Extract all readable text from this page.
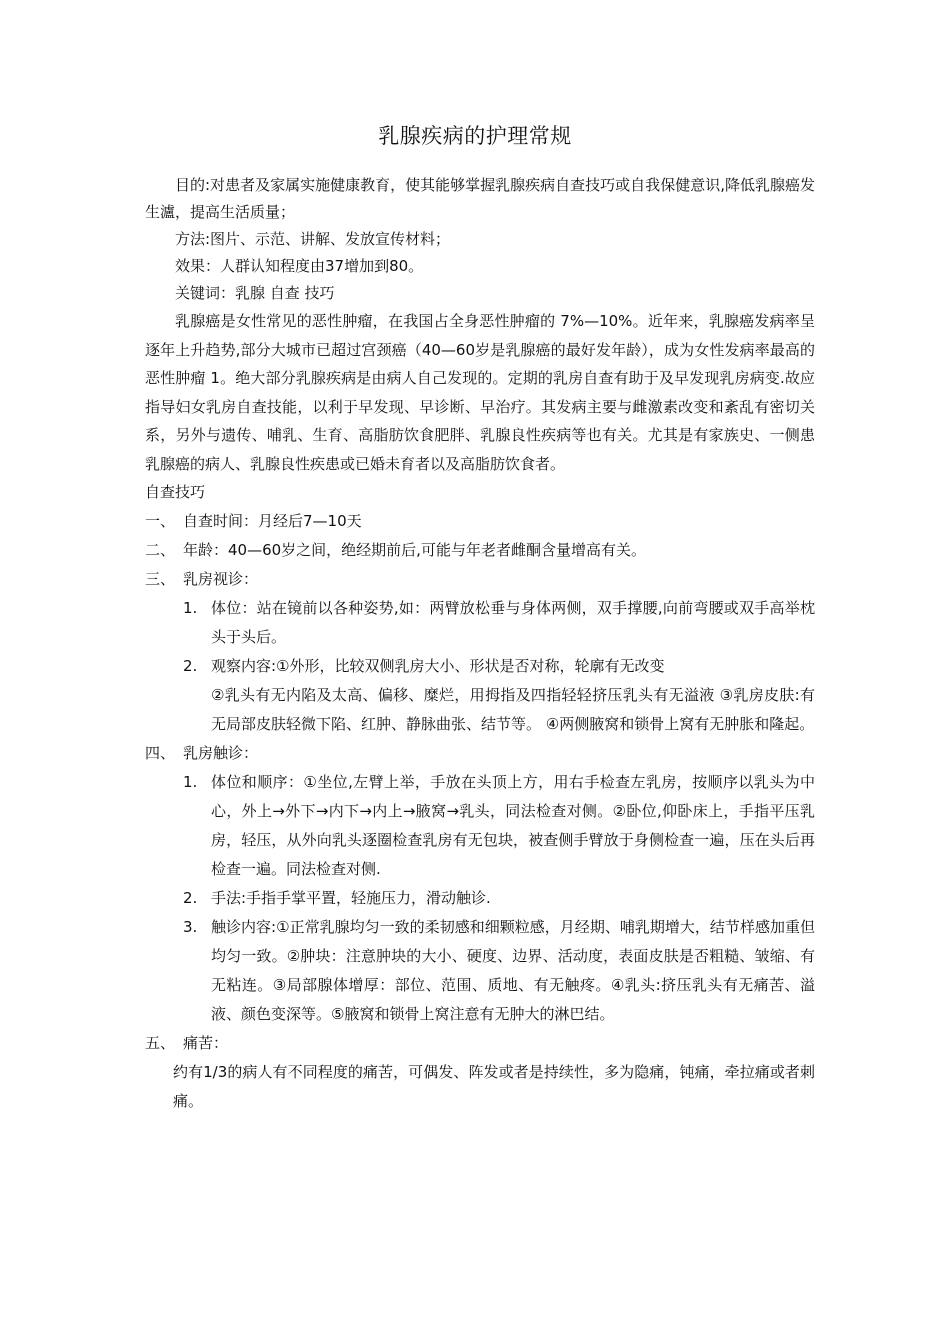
乳腺疾病的护理常规

目的:对患者及家属实施健康教育，使其能够掌握乳腺疾病自查技巧或自我保健意识,降低乳腺癌发生瀘，提高生活质量；

方法:图片、示范、讲解、发放宣传材料；

效果：人群认知程度由37增加到80。

关键词：乳腺 自查 技巧

乳腺癌是女性常见的恶性肿瘤，在我国占全身恶性肿瘤的 7%—10%。近年来，乳腺癌发病率呈逐年上升趋势,部分大城市已超过宫颈癌（40—60岁是乳腺癌的最好发年龄），成为女性发病率最高的恶性肿瘤 1。绝大部分乳腺疾病是由病人自己发现的。定期的乳房自查有助于及早发现乳房病变.故应指导妇女乳房自查技能，以利于早发现、早诊断、早治疗。其发病主要与雌激素改变和紊乱有密切关系，另外与遗传、哺乳、生育、高脂肪饮食肥胖、乳腺良性疾病等也有关。尤其是有家族史、一侧患乳腺癌的病人、乳腺良性疾患或已婚未育者以及高脂肪饮食者。

自查技巧

一、 自查时间：月经后7—10天
二、 年龄：40—60岁之间，绝经期前后,可能与年老者雌酮含量增高有关。
三、 乳房视诊：
1. 体位：站在镜前以各种姿势,如：两臂放松垂与身体两侧，双手撑腰,向前弯腰或双手高举枕头于头后。
2. 观察内容:①外形，比较双侧乳房大小、形状是否对称，轮廓有无改变
②乳头有无内陷及太高、偏移、糜烂，用拇指及四指轻轻挤压乳头有无溢液 ③乳房皮肤:有无局部皮肤轻微下陷、红肿、静脉曲张、结节等。 ④两侧腋窝和锁骨上窝有无肿胀和隆起。
四、 乳房触诊：
1. 体位和顺序：①坐位,左臂上举，手放在头顶上方，用右手检查左乳房，按顺序以乳头为中心，外上→外下→内下→内上→腋窝→乳头，同法检查对侧。②卧位,仰卧床上，手指平压乳房，轻压，从外向乳头逐圈检查乳房有无包块，被查侧手臂放于身侧检查一遍，压在头后再检查一遍。同法检查对侧.
2. 手法:手指手掌平置，轻施压力，滑动触诊.
3. 触诊内容:①正常乳腺均匀一致的柔韧感和细颗粒感，月经期、哺乳期增大，结节样感加重但均匀一致。②肿块：注意肿块的大小、硬度、边界、活动度，表面皮肤是否粗糙、皱缩、有无粘连。③局部腺体增厚：部位、范围、质地、有无触疼。④乳头:挤压乳头有无痛苦、溢液、颜色变深等。⑤腋窝和锁骨上窝注意有无肿大的淋巴结。
五、 痛苦：
约有1/3的病人有不同程度的痛苦，可偶发、阵发或者是持续性，多为隐痛，钝痛，牵拉痛或者刺痛。
